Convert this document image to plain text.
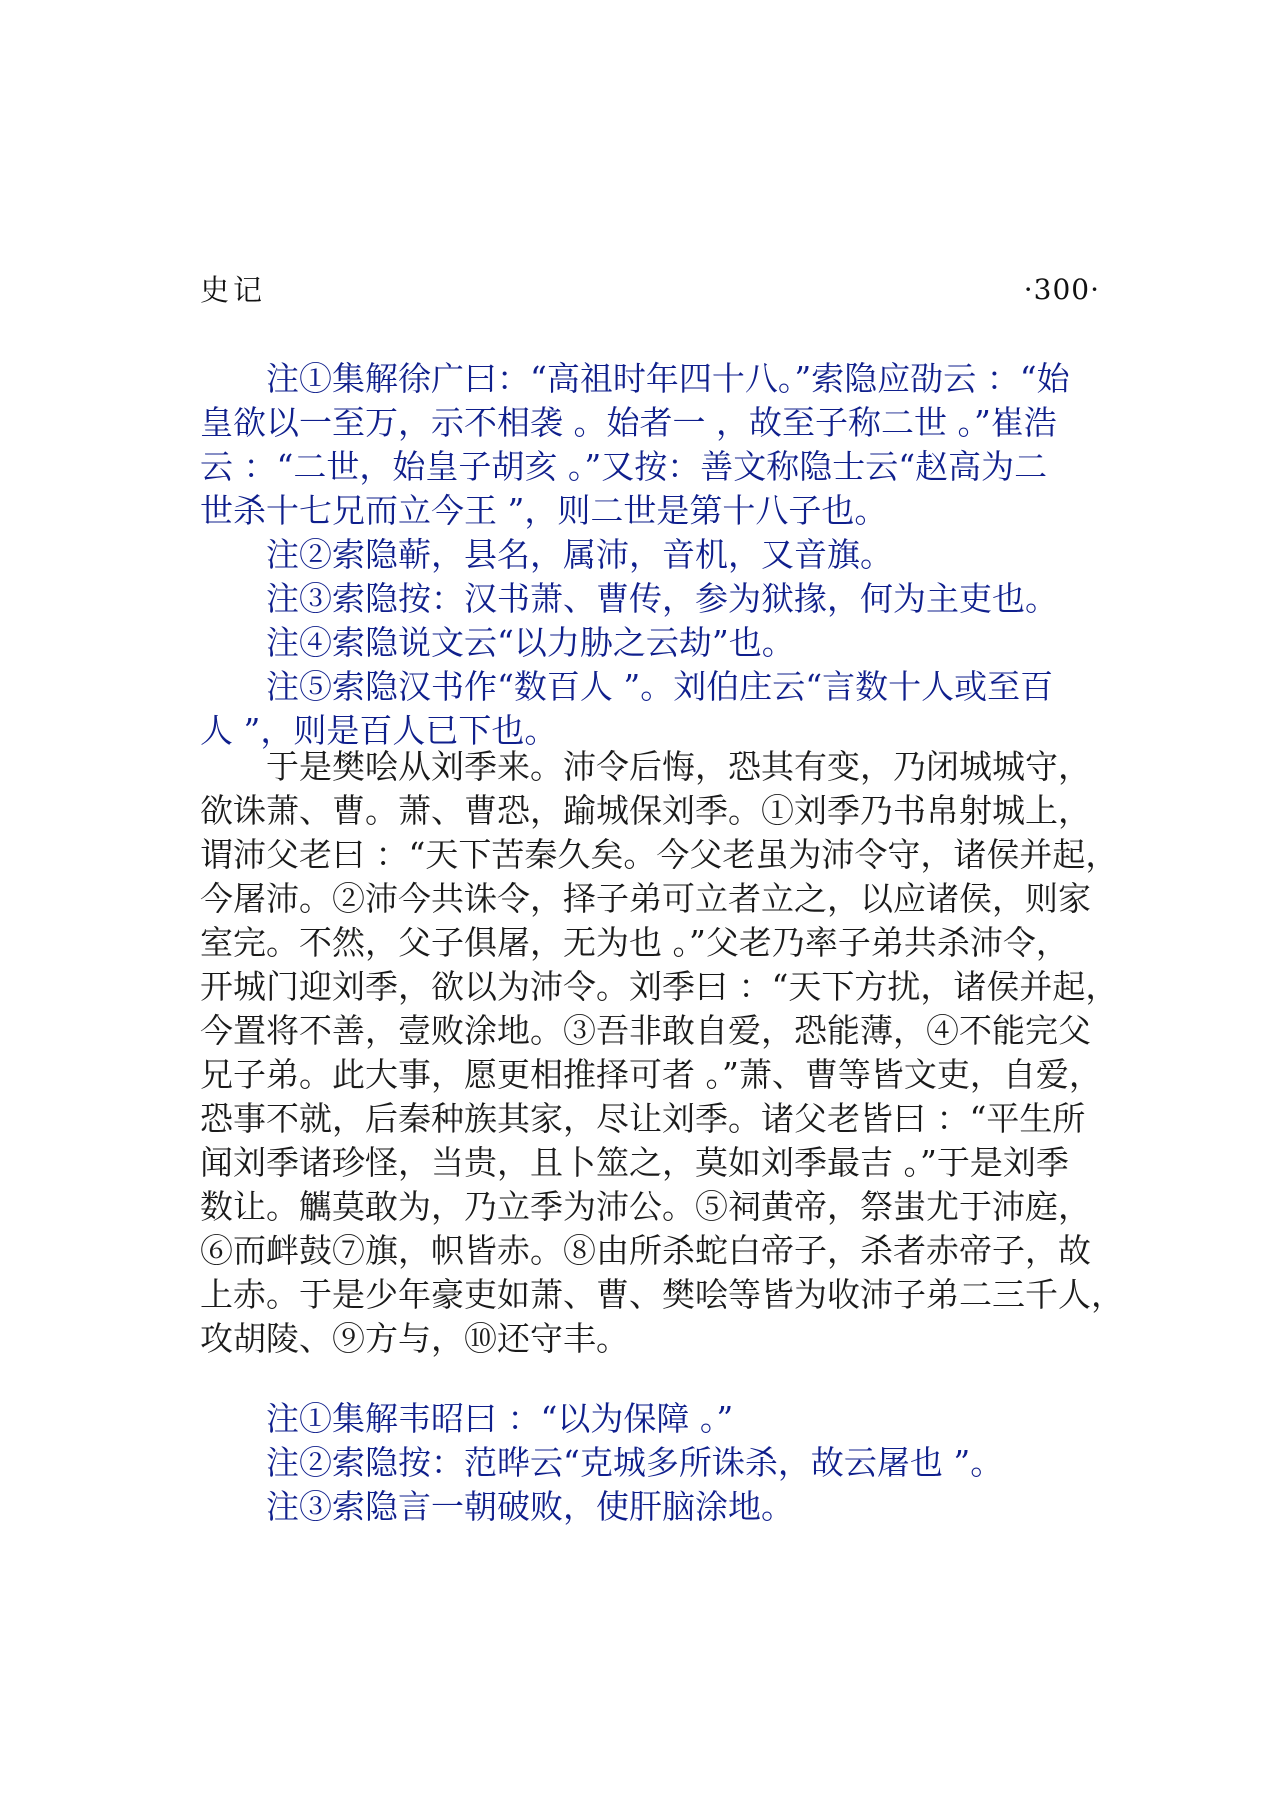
史记	·300·
注①集解徐广曰：“高祖时年四十八。”索隐应劭云 ：“始
皇欲以一至万，示不相袭 。始者一 ，故至子称二世 。”崔浩
云 ：“二世，始皇子胡亥 。”又按：善文称隐士云“赵高为二
世杀十七兄而立今王 ”，则二世是第十八子也。
注②索隐蕲，县名，属沛，音机，又音旗。
注③索隐按：汉书萧、曹传，参为狱掾，何为主吏也。
注④索隐说文云“以力胁之云劫”也。
注⑤索隐汉书作“数百人 ”。刘伯庄云“言数十人或至百
人 ”，则是百人已下也。
于是樊哙从刘季来。沛令后悔，恐其有变，乃闭城城守，
欲诛萧、曹。萧、曹恐，踰城保刘季。①刘季乃书帛射城上，
谓沛父老曰 ：“天下苦秦久矣。今父老虽为沛令守，诸侯并起，
今屠沛。②沛今共诛令，择子弟可立者立之，以应诸侯，则家
室完。不然，父子俱屠，无为也 。”父老乃率子弟共杀沛令，
开城门迎刘季，欲以为沛令。刘季曰 ：“天下方扰，诸侯并起，
今置将不善，壹败涂地。③吾非敢自爱，恐能薄，④不能完父
兄子弟。此大事，愿更相推择可者 。”萧、曹等皆文吏，自爱，
恐事不就，后秦种族其家，尽让刘季。诸父老皆曰 ：“平生所
闻刘季诸珍怪，当贵，且卜筮之，莫如刘季最吉 。”于是刘季
数让。觽莫敢为，乃立季为沛公。⑤祠黄帝，祭蚩尤于沛庭，
⑥而衅鼓⑦旗，帜皆赤。⑧由所杀蛇白帝子，杀者赤帝子，故
上赤。于是少年豪吏如萧、曹、樊哙等皆为收沛子弟二三千人，
攻胡陵、⑨方与，⑩还守丰。
注①集解韦昭曰 ：“以为保障 。”
注②索隐按：范晔云“克城多所诛杀，故云屠也 ”。
注③索隐言一朝破败，使肝脑涂地。
